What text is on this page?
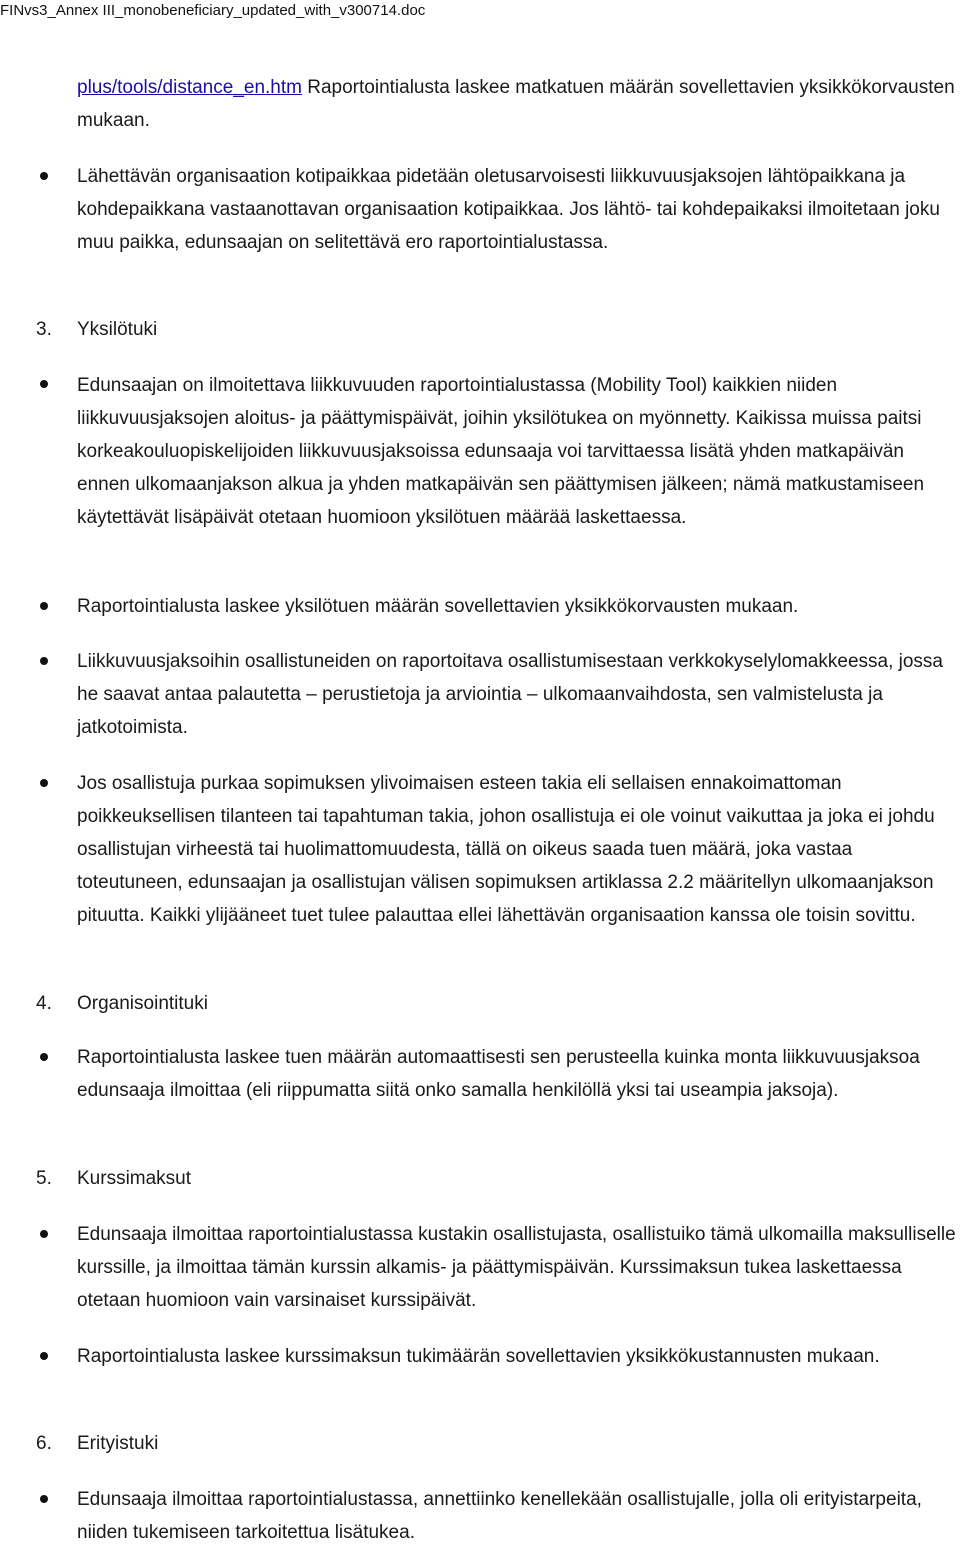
FINvs3_Annex III_monobeneficiary_updated_with_v300714.doc
plus/tools/distance_en.htm Raportointialusta laskee matkatuen määrän sovellettavien yksikkökorvausten mukaan.
Lähettävän organisaation kotipaikkaa pidetään oletusarvoisesti liikkuvuusjaksojen lähtöpaikkana ja kohdepaikkana vastaanottavan organisaation kotipaikkaa. Jos lähtö- tai kohdepaikaksi ilmoitetaan joku muu paikka, edunsaajan on selitettävä ero raportointialustassa.
3. Yksilötuki
Edunsaajan on ilmoitettava liikkuvuuden raportointialustassa (Mobility Tool) kaikkien niiden liikkuvuusjaksojen aloitus- ja päättymispäivät, joihin yksilötukea on myönnetty. Kaikissa muissa paitsi korkeakouluopiskelijoiden liikkuvuusjaksoissa edunsaaja voi tarvittaessa lisätä yhden matkapäivän ennen ulkomaanjakson alkua ja yhden matkapäivän sen päättymisen jälkeen; nämä matkustamiseen käytettävät lisäpäivät otetaan huomioon yksilötuen määrää laskettaessa.
Raportointialusta laskee yksilötuen määrän sovellettavien yksikkökorvausten mukaan.
Liikkuvuusjaksoihin osallistuneiden on raportoitava osallistumisestaan verkkokyselylomakkeessa, jossa he saavat antaa palautetta – perustietoja ja arviointia – ulkomaanvaihdosta, sen valmistelusta ja jatkotoimista.
Jos osallistuja purkaa sopimuksen ylivoimaisen esteen takia eli sellaisen ennakoimattoman poikkeuksellisen tilanteen tai tapahtuman takia, johon osallistuja ei ole voinut vaikuttaa ja joka ei johdu osallistujan virheestä tai huolimattomuudesta, tällä on oikeus saada tuen määrä, joka vastaa toteutuneen, edunsaajan ja osallistujan välisen sopimuksen artiklassa 2.2 määritellyn ulkomaanjakson pituutta. Kaikki ylijääneet tuet tulee palauttaa ellei lähettävän organisaation kanssa ole toisin sovittu.
4. Organisointituki
Raportointialusta laskee tuen määrän automaattisesti sen perusteella kuinka monta liikkuvuusjaksoa edunsaaja ilmoittaa (eli riippumatta siitä onko samalla henkilöllä yksi tai useampia jaksoja).
5. Kurssimaksut
Edunsaaja ilmoittaa raportointialustassa kustakin osallistujasta, osallistuiko tämä ulkomailla maksulliselle kurssille, ja ilmoittaa tämän kurssin alkamis- ja päättymispäivän. Kurssimaksun tukea laskettaessa otetaan huomioon vain varsinaiset kurssipäivät.
Raportointialusta laskee kurssimaksun tukimäärän sovellettavien yksikkökustannusten mukaan.
6. Erityistuki
Edunsaaja ilmoittaa raportointialustassa, annettiinko kenellekään osallistujalle, jolla oli erityistarpeita, niiden tukemiseen tarkoitettua lisätukea.
